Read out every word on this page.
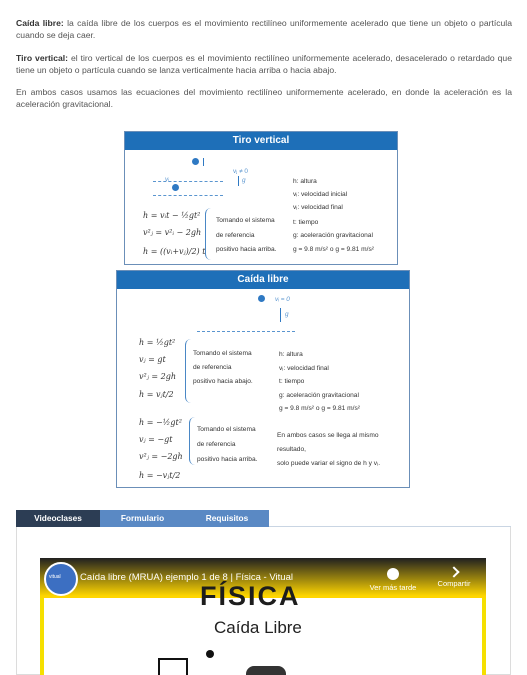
Caída libre: la caída libre de los cuerpos es el movimiento rectilíneo uniformemente acelerado que tiene un objeto o partícula cuando se deja caer.

Tiro vertical: el tiro vertical de los cuerpos es el movimiento rectilíneo uniformemente acelerado, desacelerado o retardado que tiene un objeto o partícula cuando se lanza verticalmente hacia arriba o hacia abajo.

En ambos casos usamos las ecuaciones del movimiento rectilíneo uniformemente acelerado, en donde la aceleración es la aceleración gravitacional.

Tiro vertical
vⱼ ≠ 0
g
vᵢ
h = vᵢt − ½gt²
v²ⱼ = v²ᵢ − 2gh
h = ((vᵢ+vⱼ)/2) t
Tomando el sistema
de referencia
positivo hacia arriba.
h: altura
vᵢ: velocidad inicial
vⱼ: velocidad final
t: tiempo
g: aceleración gravitacional
g = 9.8 m/s² o g = 9.81 m/s²
Caída libre
vᵢ = 0
g
h = ½gt²
vⱼ = gt
v²ⱼ = 2gh
h = vⱼt/2
Tomando el sistema
de referencia
positivo hacia abajo.
h: altura
vⱼ: velocidad final
t: tiempo
g: aceleración gravitacional
g = 9.8 m/s² o g = 9.81 m/s²
h = −½gt²
vⱼ = −gt
v²ⱼ = −2gh
h = −vⱼt/2
Tomando el sistema
de referencia
positivo hacia arriba.
En ambos casos se llega al mismo
resultado,
solo puede variar el signo de h y vⱼ.
Videoclases	Formulario	Requisitos
vitual
FÍSICA
Caída libre (MRUA) ejemplo 1 de 8 | Física - Vitual
Ver más tarde	Compartir
Caída Libre
